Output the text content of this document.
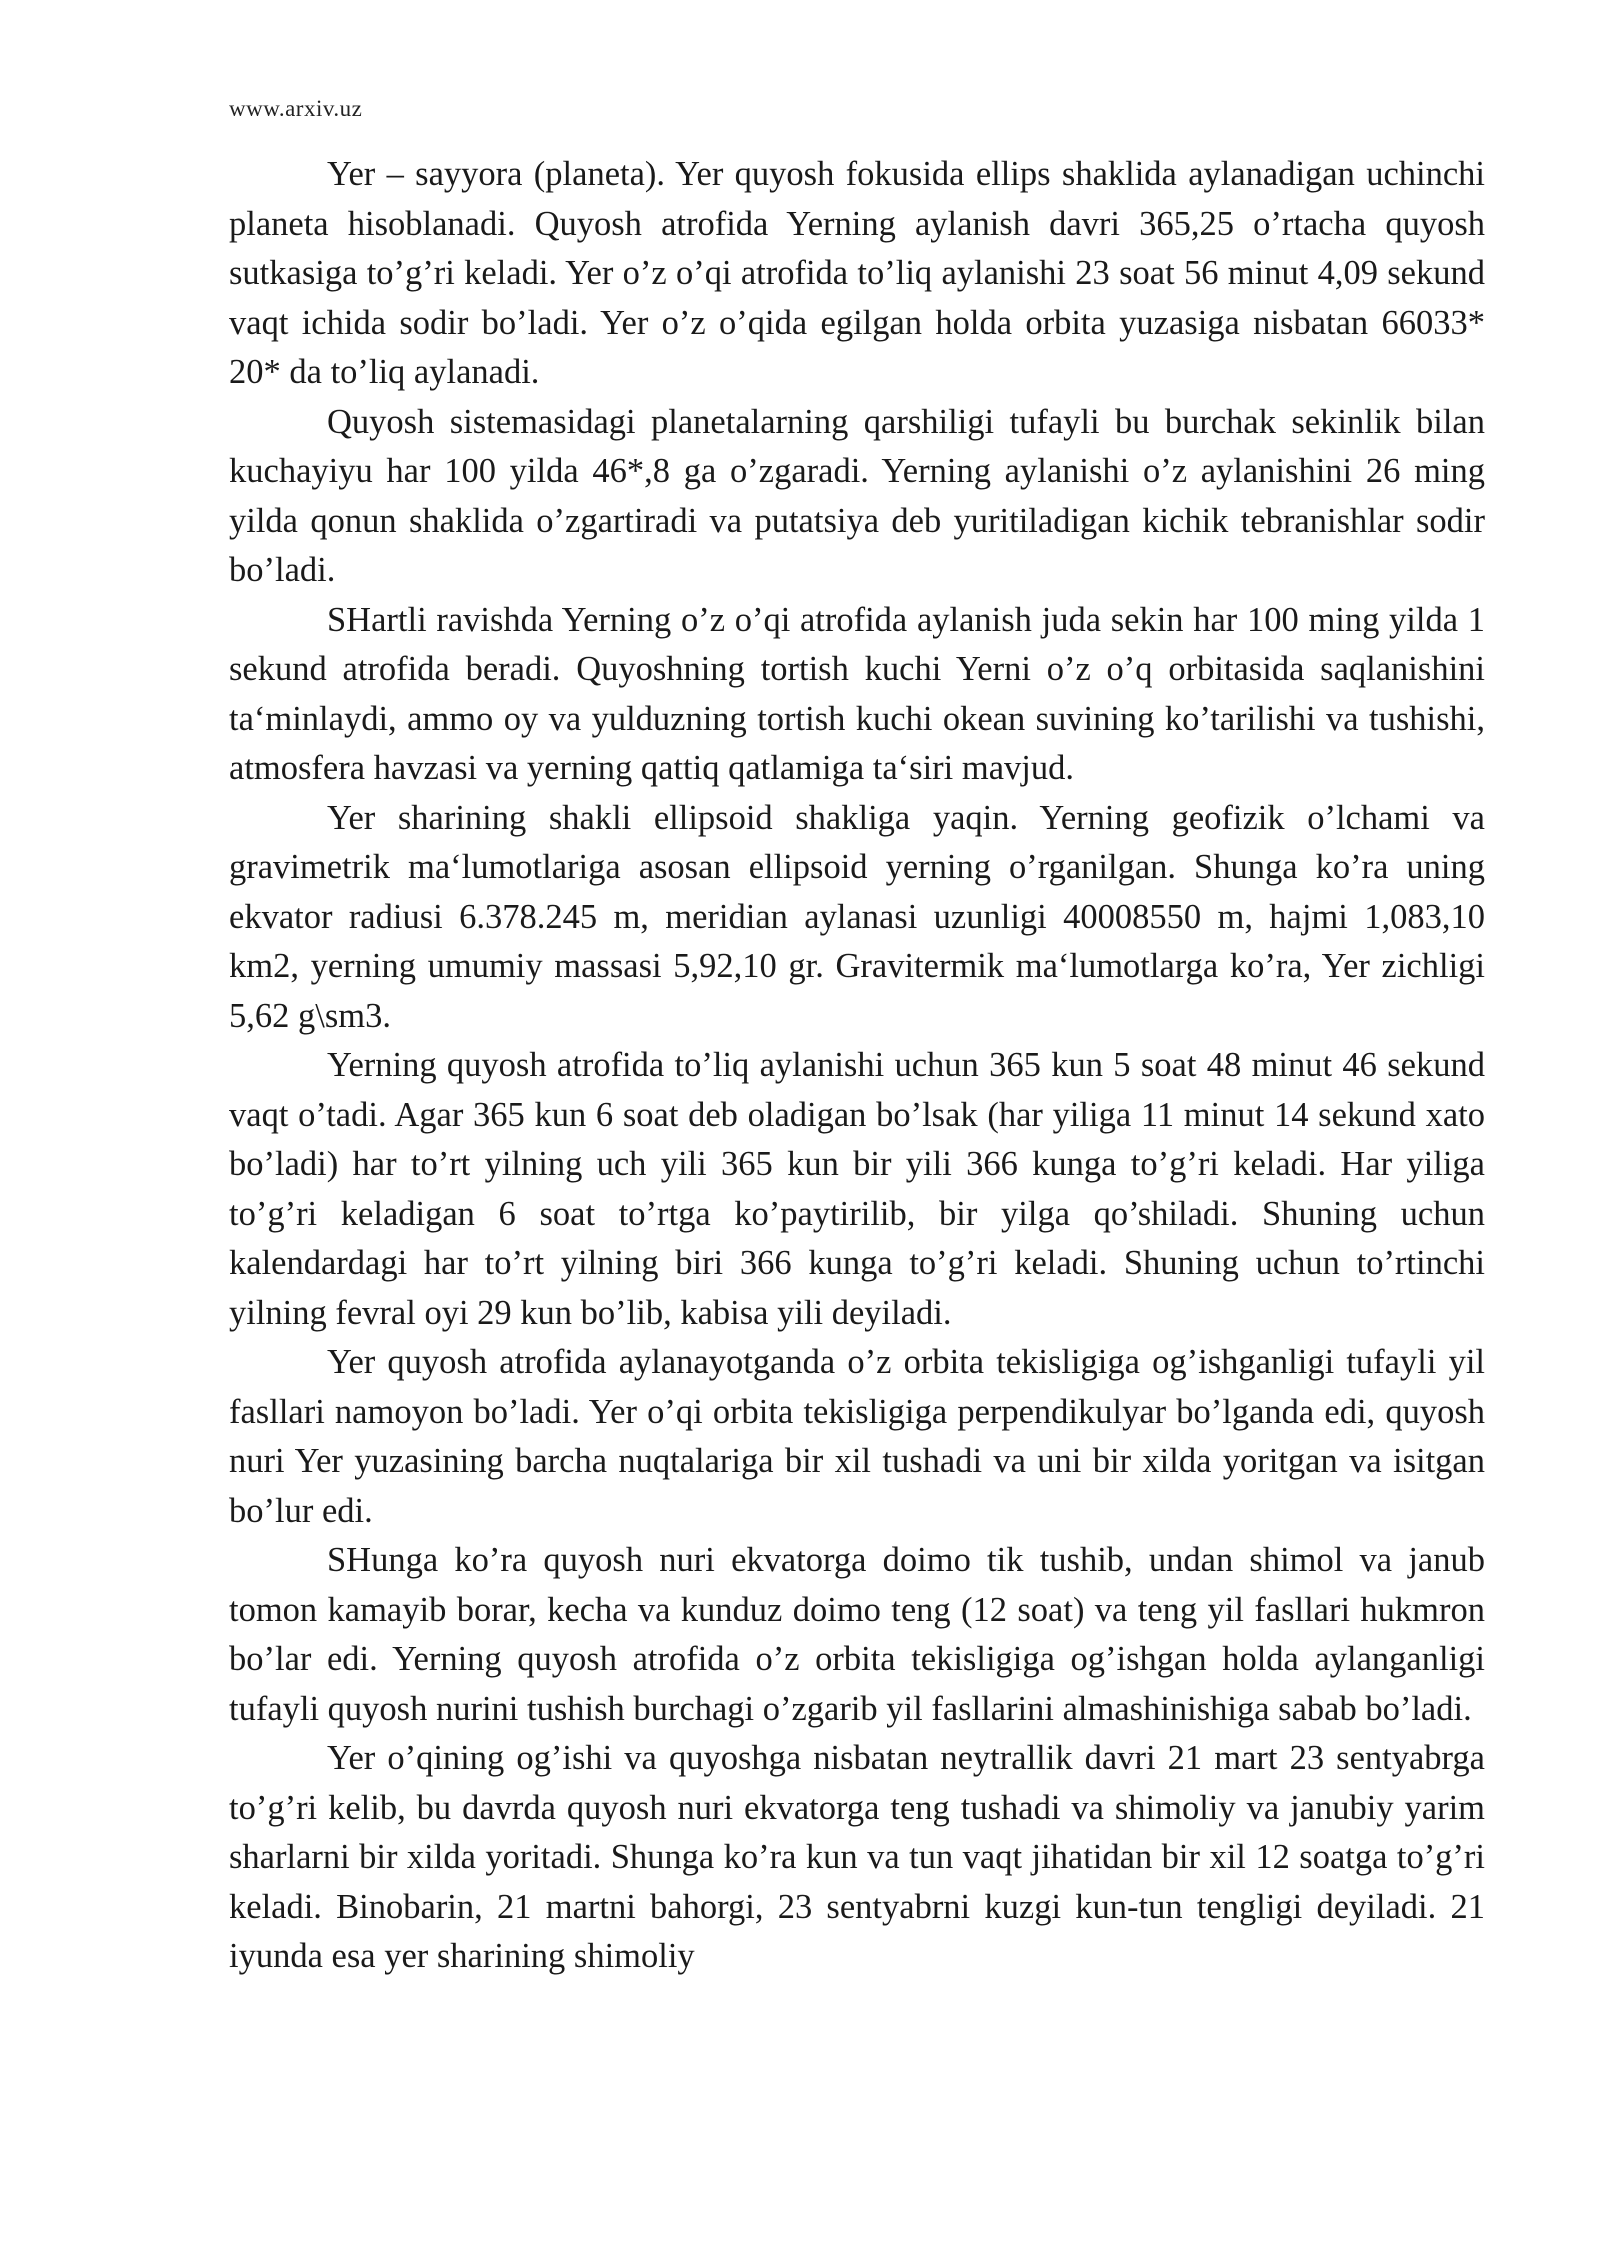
www.arxiv.uz

Yer – sayyora (planeta). Yer quyosh fokusida ellips shaklida aylanadigan uchinchi planeta hisoblanadi. Quyosh atrofida Yerning aylanish davri 365,25 o’rtacha quyosh sutkasiga to’g’ri keladi. Yer o’z o’qi atrofida to’liq aylanishi 23 soat 56 minut 4,09 sekund vaqt ichida sodir bo’ladi. Yer o’z o’qida egilgan holda orbita yuzasiga nisbatan 66033* 20* da to’liq aylanadi.

Quyosh sistemasidagi planetalarning qarshiligi tufayli bu burchak sekinlik bilan kuchayiyu har 100 yilda 46*,8 ga o’zgaradi. Yerning aylanishi o’z aylanishini 26 ming yilda qonun shaklida o’zgartiradi va putatsiya deb yuritiladigan kichik tebranishlar sodir bo’ladi.

SHartli ravishda Yerning o’z o’qi atrofida aylanish juda sekin har 100 ming yilda 1 sekund atrofida beradi. Quyoshning tortish kuchi Yerni o’z o’q orbitasida saqlanishini ta‘minlaydi, ammo oy va yulduzning tortish kuchi okean suvining ko’tarilishi va tushishi, atmosfera havzasi va yerning qattiq qatlamiga ta‘siri mavjud.

Yer sharining shakli ellipsoid shakliga yaqin. Yerning geofizik o’lchami va gravimetrik ma‘lumotlariga asosan ellipsoid yerning o’rganilgan. Shunga ko’ra uning ekvator radiusi 6.378.245 m, meridian aylanasi uzunligi 40008550 m, hajmi 1,083,10 km2, yerning umumiy massasi 5,92,10 gr. Gravitermik ma‘lumotlarga ko’ra, Yer zichligi 5,62 g\sm3.

Yerning quyosh atrofida to’liq aylanishi uchun 365 kun 5 soat 48 minut 46 sekund vaqt o’tadi. Agar 365 kun 6 soat deb oladigan bo’lsak (har yiliga 11 minut 14 sekund xato bo’ladi) har to’rt yilning uch yili 365 kun bir yili 366 kunga to’g’ri keladi. Har yiliga to’g’ri keladigan 6 soat to’rtga ko’paytirilib, bir yilga qo’shiladi. Shuning uchun kalendardagi har to’rt yilning biri 366 kunga to’g’ri keladi. Shuning uchun to’rtinchi yilning fevral oyi 29 kun bo’lib, kabisa yili deyiladi.

Yer quyosh atrofida aylanayotganda o’z orbita tekisligiga og’ishganligi tufayli yil fasllari namoyon bo’ladi. Yer o’qi orbita tekisligiga perpendikulyar bo’lganda edi, quyosh nuri Yer yuzasining barcha nuqtalariga bir xil tushadi va uni bir xilda yoritgan va isitgan bo’lur edi.

SHunga ko’ra quyosh nuri ekvatorga doimo tik tushib, undan shimol va janub tomon kamayib borar, kecha va kunduz doimo teng (12 soat) va teng yil fasllari hukmron bo’lar edi. Yerning quyosh atrofida o’z orbita tekisligiga og’ishgan holda aylanganligi tufayli quyosh nurini tushish burchagi o’zgarib yil fasllarini almashinishiga sabab bo’ladi.

Yer o’qining og’ishi va quyoshga nisbatan neytrallik davri 21 mart 23 sentyabrga to’g’ri kelib, bu davrda quyosh nuri ekvatorga teng tushadi va shimoliy va janubiy yarim sharlarni bir xilda yoritadi. Shunga ko’ra kun va tun vaqt jihatidan bir xil 12 soatga to’g’ri keladi. Binobarin, 21 martni bahorgi, 23 sentyabrni kuzgi kun-tun tengligi deyiladi. 21 iyunda esa yer sharining shimoliy
